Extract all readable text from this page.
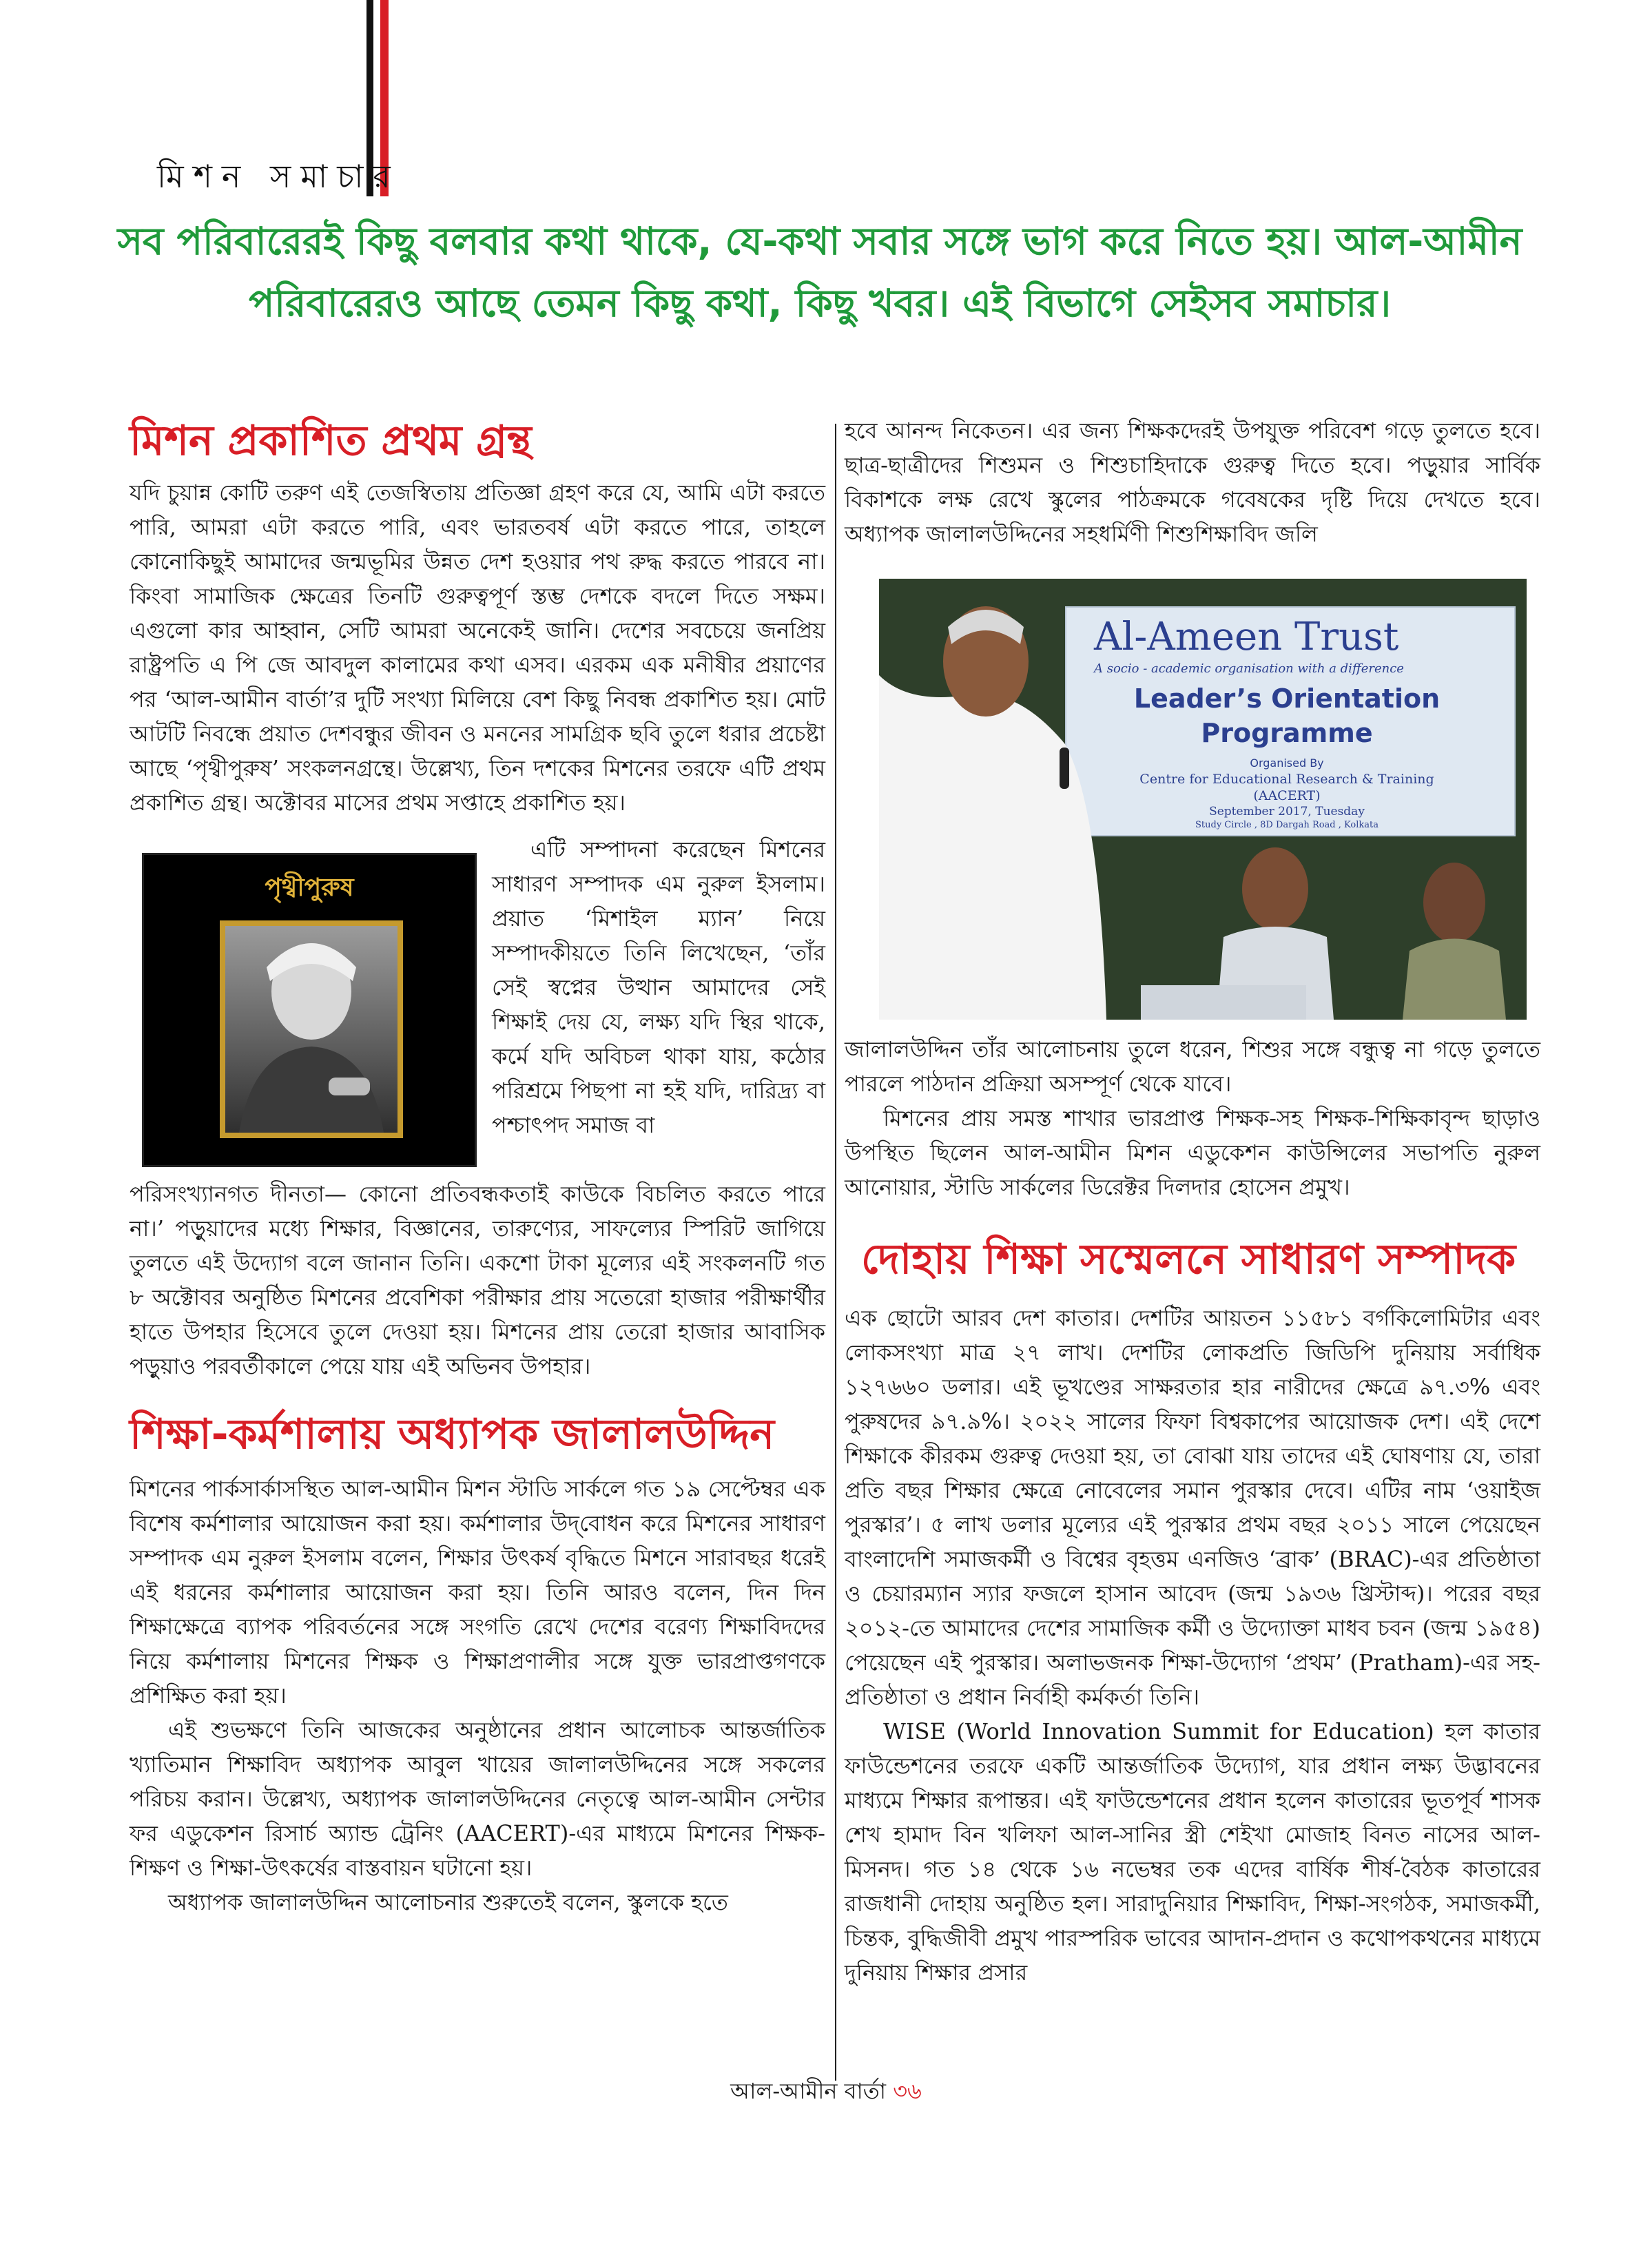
মিশন সমাচার
সব পরিবারেরই কিছু বলবার কথা থাকে, যে-কথা সবার সঙ্গে ভাগ করে নিতে হয়। আল-আমীন পরিবারেরও আছে তেমন কিছু কথা, কিছু খবর। এই বিভাগে সেইসব সমাচার।
মিশন প্রকাশিত প্রথম গ্রন্থ

যদি চুয়ান্ন কোটি তরুণ এই তেজস্বিতায় প্রতিজ্ঞা গ্রহণ করে যে, আমি এটা করতে পারি, আমরা এটা করতে পারি, এবং ভারতবর্ষ এটা করতে পারে, তাহলে কোনোকিছুই আমাদের জন্মভূমির উন্নত দেশ হওয়ার পথ রুদ্ধ করতে পারবে না। কিংবা সামাজিক ক্ষেত্রের তিনটি গুরুত্বপূর্ণ স্তম্ভ দেশকে বদলে দিতে সক্ষম। এগুলো কার আহ্বান, সেটি আমরা অনেকেই জানি। দেশের সবচেয়ে জনপ্রিয় রাষ্ট্রপতি এ পি জে আবদুল কালামের কথা এসব। এরকম এক মনীষীর প্রয়াণের পর ‘আল-আমীন বার্তা’র দুটি সংখ্যা মিলিয়ে বেশ কিছু নিবন্ধ প্রকাশিত হয়। মোট আটটি নিবন্ধে প্রয়াত দেশবন্ধুর জীবন ও মননের সামগ্রিক ছবি তুলে ধরার প্রচেষ্টা আছে ‘পৃথ্বীপুরুষ’ সংকলনগ্রন্থে। উল্লেখ্য, তিন দশকের মিশনের তরফে এটি প্রথম প্রকাশিত গ্রন্থ। অক্টোবর মাসের প্রথম সপ্তাহে প্রকাশিত হয়।

পৃথ্বীপুরুষ

এটি সম্পাদনা করেছেন মিশনের সাধারণ সম্পাদক এম নুরুল ইসলাম। প্রয়াত ‘মিশাইল ম্যান’ নিয়ে সম্পাদকীয়তে তিনি লিখেছেন, ‘তাঁর সেই স্বপ্নের উত্থান আমাদের সেই শিক্ষাই দেয় যে, লক্ষ্য যদি স্থির থাকে, কর্মে যদি অবিচল থাকা যায়, কঠোর পরিশ্রমে পিছপা না হই যদি, দারিদ্র্য বা পশ্চাৎপদ সমাজ বা

পরিসংখ্যানগত দীনতা— কোনো প্রতিবন্ধকতাই কাউকে বিচলিত করতে পারে না।’ পড়ুয়াদের মধ্যে শিক্ষার, বিজ্ঞানের, তারুণ্যের, সাফল্যের স্পিরিট জাগিয়ে তুলতে এই উদ্যোগ বলে জানান তিনি। একশো টাকা মূল্যের এই সংকলনটি গত ৮ অক্টোবর অনুষ্ঠিত মিশনের প্রবেশিকা পরীক্ষার প্রায় সতেরো হাজার পরীক্ষার্থীর হাতে উপহার হিসেবে তুলে দেওয়া হয়। মিশনের প্রায় তেরো হাজার আবাসিক পড়ুয়াও পরবর্তীকালে পেয়ে যায় এই অভিনব উপহার।

শিক্ষা-কর্মশালায় অধ্যাপক জালালউদ্দিন

মিশনের পার্কসার্কাসস্থিত আল-আমীন মিশন স্টাডি সার্কলে গত ১৯ সেপ্টেম্বর এক বিশেষ কর্মশালার আয়োজন করা হয়। কর্মশালার উদ্‌বোধন করে মিশনের সাধারণ সম্পাদক এম নুরুল ইসলাম বলেন, শিক্ষার উৎকর্ষ বৃদ্ধিতে মিশনে সারাবছর ধরেই এই ধরনের কর্মশালার আয়োজন করা হয়। তিনি আরও বলেন, দিন দিন শিক্ষাক্ষেত্রে ব্যাপক পরিবর্তনের সঙ্গে সংগতি রেখে দেশের বরেণ্য শিক্ষাবিদদের নিয়ে কর্মশালায় মিশনের শিক্ষক ও শিক্ষাপ্রণালীর সঙ্গে যুক্ত ভারপ্রাপ্তগণকে প্রশিক্ষিত করা হয়।

এই শুভক্ষণে তিনি আজকের অনুষ্ঠানের প্রধান আলোচক আন্তর্জাতিক খ্যাতিমান শিক্ষাবিদ অধ্যাপক আবুল খায়ের জালালউদ্দিনের সঙ্গে সকলের পরিচয় করান। উল্লেখ্য, অধ্যাপক জালালউদ্দিনের নেতৃত্বে আল-আমীন সেন্টার ফর এডুকেশন রিসার্চ অ্যান্ড ট্রেনিং (AACERT)-এর মাধ্যমে মিশনের শিক্ষক-শিক্ষণ ও শিক্ষা-উৎকর্ষের বাস্তবায়ন ঘটানো হয়।

অধ্যাপক জালালউদ্দিন আলোচনার শুরুতেই বলেন, স্কুলকে হতে

হবে আনন্দ নিকেতন। এর জন্য শিক্ষকদেরই উপযুক্ত পরিবেশ গড়ে তুলতে হবে। ছাত্র-ছাত্রীদের শিশুমন ও শিশুচাহিদাকে গুরুত্ব দিতে হবে। পড়ুয়ার সার্বিক বিকাশকে লক্ষ রেখে স্কুলের পাঠক্রমকে গবেষকের দৃষ্টি দিয়ে দেখতে হবে। অধ্যাপক জালালউদ্দিনের সহধর্মিণী শিশুশিক্ষাবিদ জলি

Al-Ameen Trust
A socio - academic organisation with a difference
Leader’s Orientation
Programme
Organised By
Centre for Educational Research & Training
(AACERT)
September 2017, Tuesday
Study Circle , 8D Dargah Road , Kolkata

জালালউদ্দিন তাঁর আলোচনায় তুলে ধরেন, শিশুর সঙ্গে বন্ধুত্ব না গড়ে তুলতে পারলে পাঠদান প্রক্রিয়া অসম্পূর্ণ থেকে যাবে।

মিশনের প্রায় সমস্ত শাখার ভারপ্রাপ্ত শিক্ষক-সহ শিক্ষক-শিক্ষিকাবৃন্দ ছাড়াও উপস্থিত ছিলেন আল-আমীন মিশন এডুকেশন কাউন্সিলের সভাপতি নুরুল আনোয়ার, স্টাডি সার্কলের ডিরেক্টর দিলদার হোসেন প্রমুখ।

দোহায় শিক্ষা সম্মেলনে সাধারণ সম্পাদক

এক ছোটো আরব দেশ কাতার। দেশটির আয়তন ১১৫৮১ বর্গকিলোমিটার এবং লোকসংখ্যা মাত্র ২৭ লাখ। দেশটির লোকপ্রতি জিডিপি দুনিয়ায় সর্বাধিক ১২৭৬৬০ ডলার। এই ভূখণ্ডের সাক্ষরতার হার নারীদের ক্ষেত্রে ৯৭.৩% এবং পুরুষদের ৯৭.৯%। ২০২২ সালের ফিফা বিশ্বকাপের আয়োজক দেশ। এই দেশে শিক্ষাকে কীরকম গুরুত্ব দেওয়া হয়, তা বোঝা যায় তাদের এই ঘোষণায় যে, তারা প্রতি বছর শিক্ষার ক্ষেত্রে নোবেলের সমান পুরস্কার দেবে। এটির নাম ‘ওয়াইজ পুরস্কার’। ৫ লাখ ডলার মূল্যের এই পুরস্কার প্রথম বছর ২০১১ সালে পেয়েছেন বাংলাদেশি সমাজকর্মী ও বিশ্বের বৃহত্তম এনজিও ‘ব্রাক’ (BRAC)-এর প্রতিষ্ঠাতা ও চেয়ারম্যান স্যার ফজলে হাসান আবেদ (জন্ম ১৯৩৬ খ্রিস্টাব্দ)। পরের বছর ২০১২-তে আমাদের দেশের সামাজিক কর্মী ও উদ্যোক্তা মাধব চবন (জন্ম ১৯৫৪) পেয়েছেন এই পুরস্কার। অলাভজনক শিক্ষা-উদ্যোগ ‘প্রথম’ (Pratham)-এর সহ-প্রতিষ্ঠাতা ও প্রধান নির্বাহী কর্মকর্তা তিনি।

WISE (World Innovation Summit for Education) হল কাতার ফাউন্ডেশনের তরফে একটি আন্তর্জাতিক উদ্যোগ, যার প্রধান লক্ষ্য উদ্ভাবনের মাধ্যমে শিক্ষার রূপান্তর। এই ফাউন্ডেশনের প্রধান হলেন কাতারের ভূতপূর্ব শাসক শেখ হামাদ বিন খলিফা আল-সানির স্ত্রী শেইখা মোজাহ বিনত নাসের আল-মিসনদ। গত ১৪ থেকে ১৬ নভেম্বর তক এদের বার্ষিক শীর্ষ-বৈঠক কাতারের রাজধানী দোহায় অনুষ্ঠিত হল। সারাদুনিয়ার শিক্ষাবিদ, শিক্ষা-সংগঠক, সমাজকর্মী, চিন্তক, বুদ্ধিজীবী প্রমুখ পারস্পরিক ভাবের আদান-প্রদান ও কথোপকথনের মাধ্যমে দুনিয়ায় শিক্ষার প্রসার

আল-আমীন বার্তা ৩৬
